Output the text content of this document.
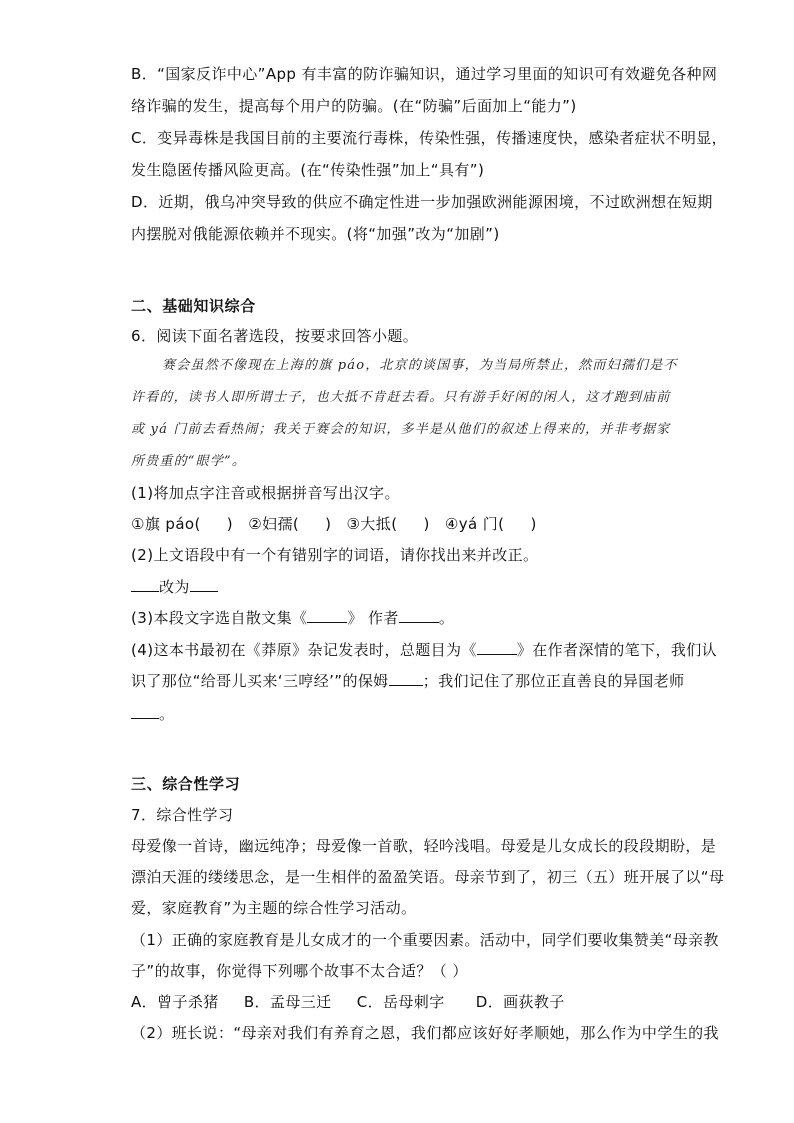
B．“国家反诈中心”App 有丰富的防诈骗知识，通过学习里面的知识可有效避免各种网
络诈骗的发生，提高每个用户的防骗。(在“防骗”后面加上“能力”)
C．变异毒株是我国目前的主要流行毒株，传染性强，传播速度快，感染者症状不明显，
发生隐匿传播风险更高。(在“传染性强”加上“具有”)
D．近期，俄乌冲突导致的供应不确定性进一步加强欧洲能源困境，不过欧洲想在短期
内摆脱对俄能源依赖并不现实。(将“加强”改为“加剧”)
二、基础知识综合
6．阅读下面名著选段，按要求回答小题。
赛会虽然不像现在上海的旗 páo，北京的谈国事，为当局所禁止，然而妇孺们是不
许看的，读书人即所谓士子，也大抵不肯赶去看。只有游手好闲的闲人，这才跑到庙前
或 yá 门前去看热闹；我关于赛会的知识，多半是从他们的叙述上得来的，并非考据家
所贵重的“眼学”。
(1)将加点字注音或根据拼音写出汉字。
①旗 páo( ) ②妇孺( ) ③大抵( ) ④yá 门( )
(2)上文语段中有一个有错别字的词语，请你找出来并改正。
改为
(3)本段文字选自散文集《	》 作者	。
(4)这本书最初在《莽原》杂记发表时，总题目为《	》在作者深情的笔下，我们认
识了那位“给哥儿买来‘三哼经’”的保姆 ；我们记住了那位正直善良的异国老师
。
三、综合性学习
7．综合性学习
母爱像一首诗，幽远纯净；母爱像一首歌，轻吟浅唱。母爱是儿女成长的段段期盼，是
漂泊天涯的缕缕思念，是一生相伴的盈盈笑语。母亲节到了，初三（五）班开展了以“母
爱，家庭教育”为主题的综合性学习活动。
（1）正确的家庭教育是儿女成才的一个重要因素。活动中，同学们要收集赞美“母亲教
子”的故事，你觉得下列哪个故事不太合适？（ ）
A．曾子杀猪 B．孟母三迁 C．岳母刺字 D．画荻教子
（2）班长说：“母亲对我们有养育之恩，我们都应该好好孝顺她，那么作为中学生的我
